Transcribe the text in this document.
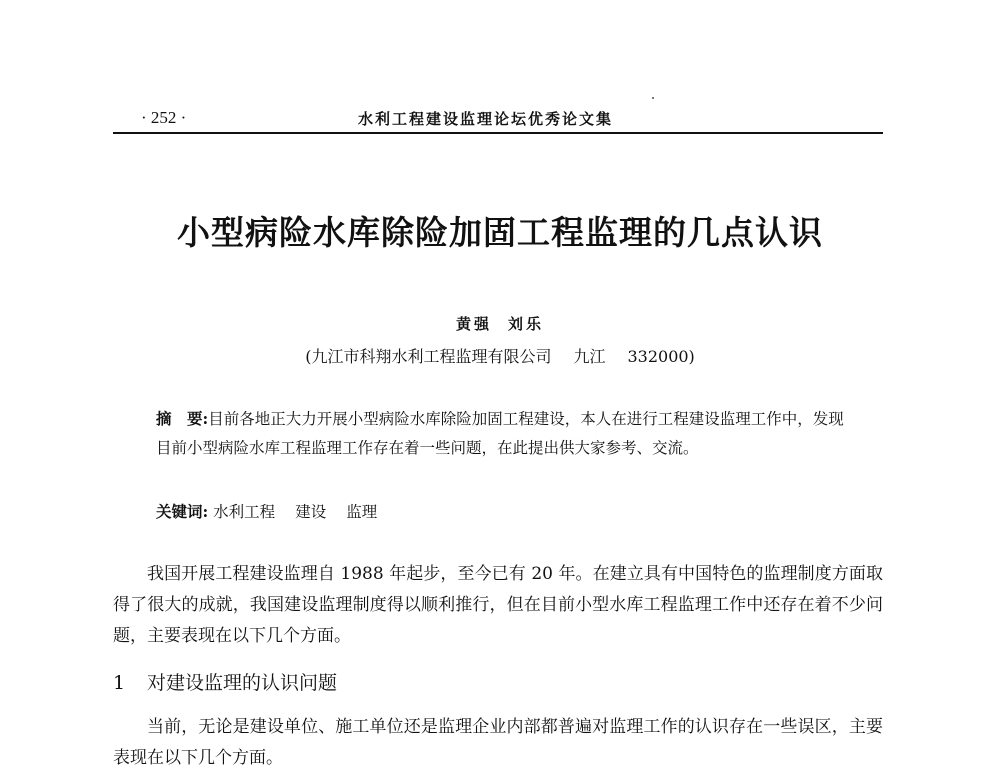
· 252 ·	水利工程建设监理论坛优秀论文集
小型病险水库除险加固工程监理的几点认识
黄强 刘乐
(九江市科翔水利工程监理有限公司 九江 332000)
摘　要:目前各地正大力开展小型病险水库除险加固工程建设，本人在进行工程建设监理工作中，发现目前小型病险水库工程监理工作存在着一些问题，在此提出供大家参考、交流。
关键词: 水利工程 建设 监理
我国开展工程建设监理自 1988 年起步，至今已有 20 年。在建立具有中国特色的监理制度方面取得了很大的成就，我国建设监理制度得以顺利推行，但在目前小型水库工程监理工作中还存在着不少问题，主要表现在以下几个方面。
1 对建设监理的认识问题
当前，无论是建设单位、施工单位还是监理企业内部都普遍对监理工作的认识存在一些误区，主要表现在以下几个方面。
